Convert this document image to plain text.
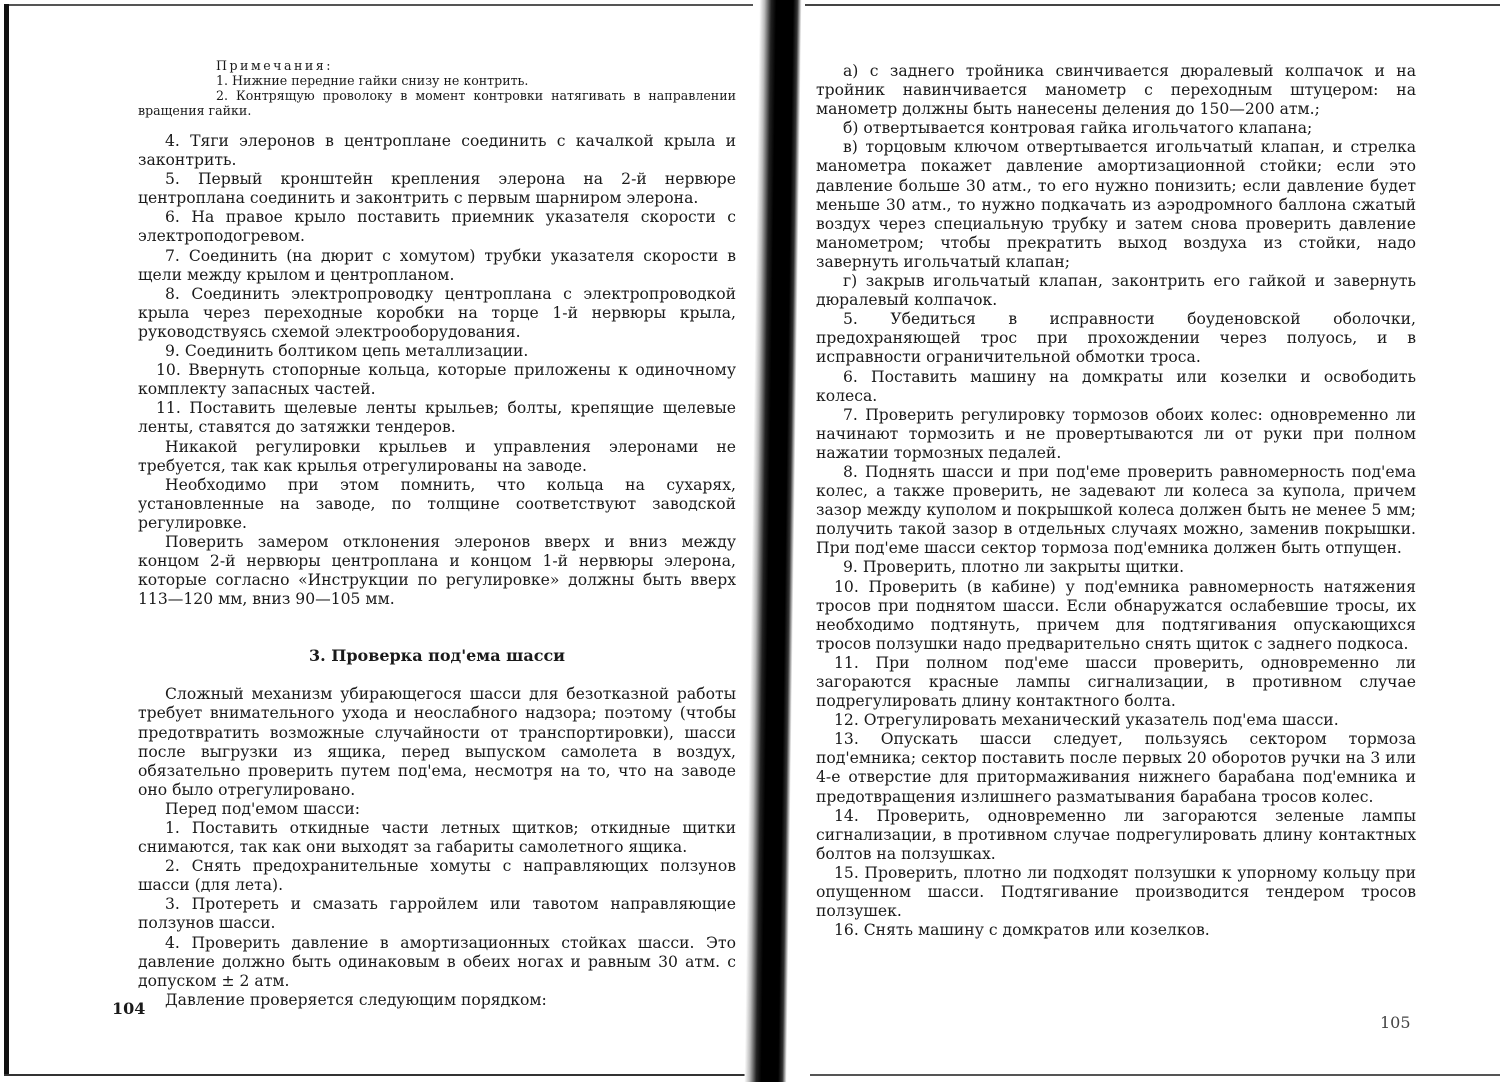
Примечания:

1. Нижние передние гайки снизу не контрить.

2. Контрящую проволоку в момент контровки натягивать в направлении вращения гайки.

4. Тяги элеронов в центроплане соединить с качалкой крыла и законтрить.

5. Первый кронштейн крепления элерона на 2-й нервюре центроплана соединить и законтрить с первым шарниром элерона.

6. На правое крыло поставить приемник указателя скорости с электроподогревом.

7. Соединить (на дюрит с хомутом) трубки указателя скорости в щели между крылом и центропланом.

8. Соединить электропроводку центроплана с электропроводкой крыла через переходные коробки на торце 1-й нервюры крыла, руководствуясь схемой электрооборудования.

9. Соединить болтиком цепь металлизации.

10. Ввернуть стопорные кольца, которые приложены к одиночному комплекту запасных частей.

11. Поставить щелевые ленты крыльев; болты, крепящие щелевые ленты, ставятся до затяжки тендеров.

Никакой регулировки крыльев и управления элеронами не требуется, так как крылья отрегулированы на заводе.

Необходимо при этом помнить, что кольца на сухарях, установленные на заводе, по толщине соответствуют заводской регулировке.

Поверить замером отклонения элеронов вверх и вниз между концом 2-й нервюры центроплана и концом 1-й нервюры элерона, которые согласно «Инструкции по регулировке» должны быть вверх 113—120 мм, вниз 90—105 мм.

3. Проверка под'ема шасси

Сложный механизм убирающегося шасси для безотказной работы требует внимательного ухода и неослабного надзора; поэтому (чтобы предотвратить возможные случайности от транспортировки), шасси после выгрузки из ящика, перед выпуском самолета в воздух, обязательно проверить путем под'ема, несмотря на то, что на заводе оно было отрегулировано.

Перед под'емом шасси:

1. Поставить откидные части летных щитков; откидные щитки снимаются, так как они выходят за габариты самолетного ящика.

2. Снять предохранительные хомуты с направляющих ползунов шасси (для лета).

3. Протереть и смазать гарройлем или тавотом направляющие ползунов шасси.

4. Проверить давление в амортизационных стойках шасси. Это давление должно быть одинаковым в обеих ногах и равным 30 атм. с допуском ± 2 атм.

Давление проверяется следующим порядком:

104

а) с заднего тройника свинчивается дюралевый колпачок и на тройник навинчивается манометр с переходным штуцером: на манометр должны быть нанесены деления до 150—200 атм.;

б) отвертывается контровая гайка игольчатого клапана;

в) торцовым ключом отвертывается игольчатый клапан, и стрелка манометра покажет давление амортизационной стойки; если это давление больше 30 атм., то его нужно понизить; если давление будет меньше 30 атм., то нужно подкачать из аэродромного баллона сжатый воздух через специальную трубку и затем снова проверить давление манометром; чтобы прекратить выход воздуха из стойки, надо завернуть игольчатый клапан;

г) закрыв игольчатый клапан, законтрить его гайкой и завернуть дюралевый колпачок.

5. Убедиться в исправности боуденовской оболочки, предохраняющей трос при прохождении через полуось, и в исправности ограничительной обмотки троса.

6. Поставить машину на домкраты или козелки и освободить колеса.

7. Проверить регулировку тормозов обоих колес: одновременно ли начинают тормозить и не провертываются ли от руки при полном нажатии тормозных педалей.

8. Поднять шасси и при под'еме проверить равномерность под'ема колес, а также проверить, не задевают ли колеса за купола, причем зазор между куполом и покрышкой колеса должен быть не менее 5 мм; получить такой зазор в отдельных случаях можно, заменив покрышки. При под'еме шасси сектор тормоза под'емника должен быть отпущен.

9. Проверить, плотно ли закрыты щитки.

10. Проверить (в кабине) у под'емника равномерность натяжения тросов при поднятом шасси. Если обнаружатся ослабевшие тросы, их необходимо подтянуть, причем для подтягивания опускающихся тросов ползушки надо предварительно снять щиток с заднего подкоса.

11. При полном под'еме шасси проверить, одновременно ли загораются красные лампы сигнализации, в противном случае подрегулировать длину контактного болта.

12. Отрегулировать механический указатель под'ема шасси.

13. Опускать шасси следует, пользуясь сектором тормоза под'емника; сектор поставить после первых 20 оборотов ручки на 3 или 4-е отверстие для притормаживания нижнего барабана под'емника и предотвращения излишнего разматывания барабана тросов колес.

14. Проверить, одновременно ли загораются зеленые лампы сигнализации, в противном случае подрегулировать длину контактных болтов на ползушках.

15. Проверить, плотно ли подходят ползушки к упорному кольцу при опущенном шасси. Подтягивание производится тендером тросов ползушек.

16. Снять машину с домкратов или козелков.

105
